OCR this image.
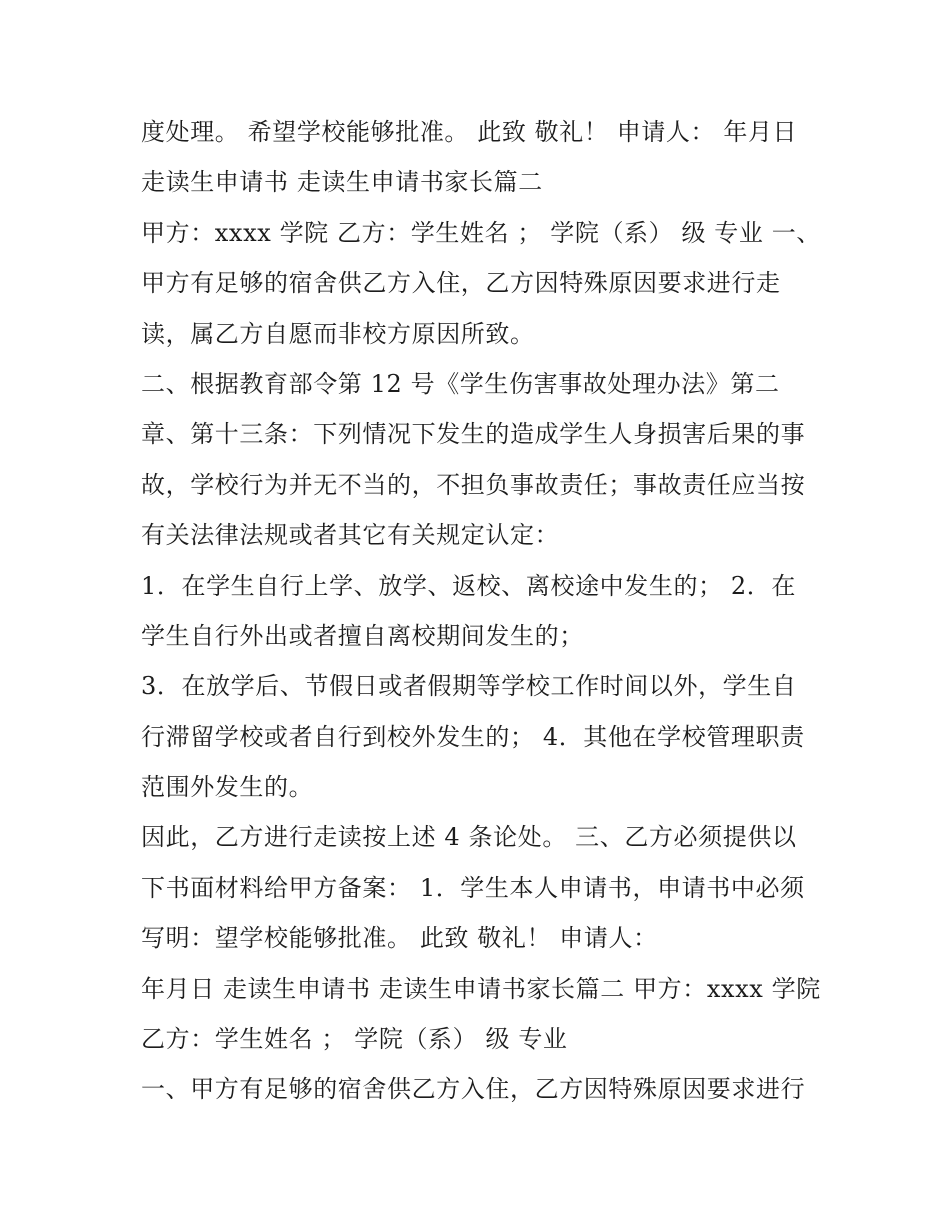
度处理。 希望学校能够批准。 此致 敬礼！ 申请人： 年月日
走读生申请书 走读生申请书家长篇二
甲方：xxxx 学院 乙方：学生姓名 ； 学院（系） 级 专业 一、
甲方有足够的宿舍供乙方入住，乙方因特殊原因要求进行走
读，属乙方自愿而非校方原因所致。
二、根据教育部令第 12 号《学生伤害事故处理办法》第二
章、第十三条：下列情况下发生的造成学生人身损害后果的事
故，学校行为并无不当的，不担负事故责任；事故责任应当按
有关法律法规或者其它有关规定认定：
1．在学生自行上学、放学、返校、离校途中发生的； 2．在
学生自行外出或者擅自离校期间发生的；
3．在放学后、节假日或者假期等学校工作时间以外，学生自
行滞留学校或者自行到校外发生的； 4．其他在学校管理职责
范围外发生的。
因此，乙方进行走读按上述 4 条论处。 三、乙方必须提供以
下书面材料给甲方备案： 1．学生本人申请书，申请书中必须
写明：望学校能够批准。 此致 敬礼！ 申请人：
年月日 走读生申请书 走读生申请书家长篇二 甲方：xxxx 学院
乙方：学生姓名 ； 学院（系） 级 专业
一、甲方有足够的宿舍供乙方入住，乙方因特殊原因要求进行
